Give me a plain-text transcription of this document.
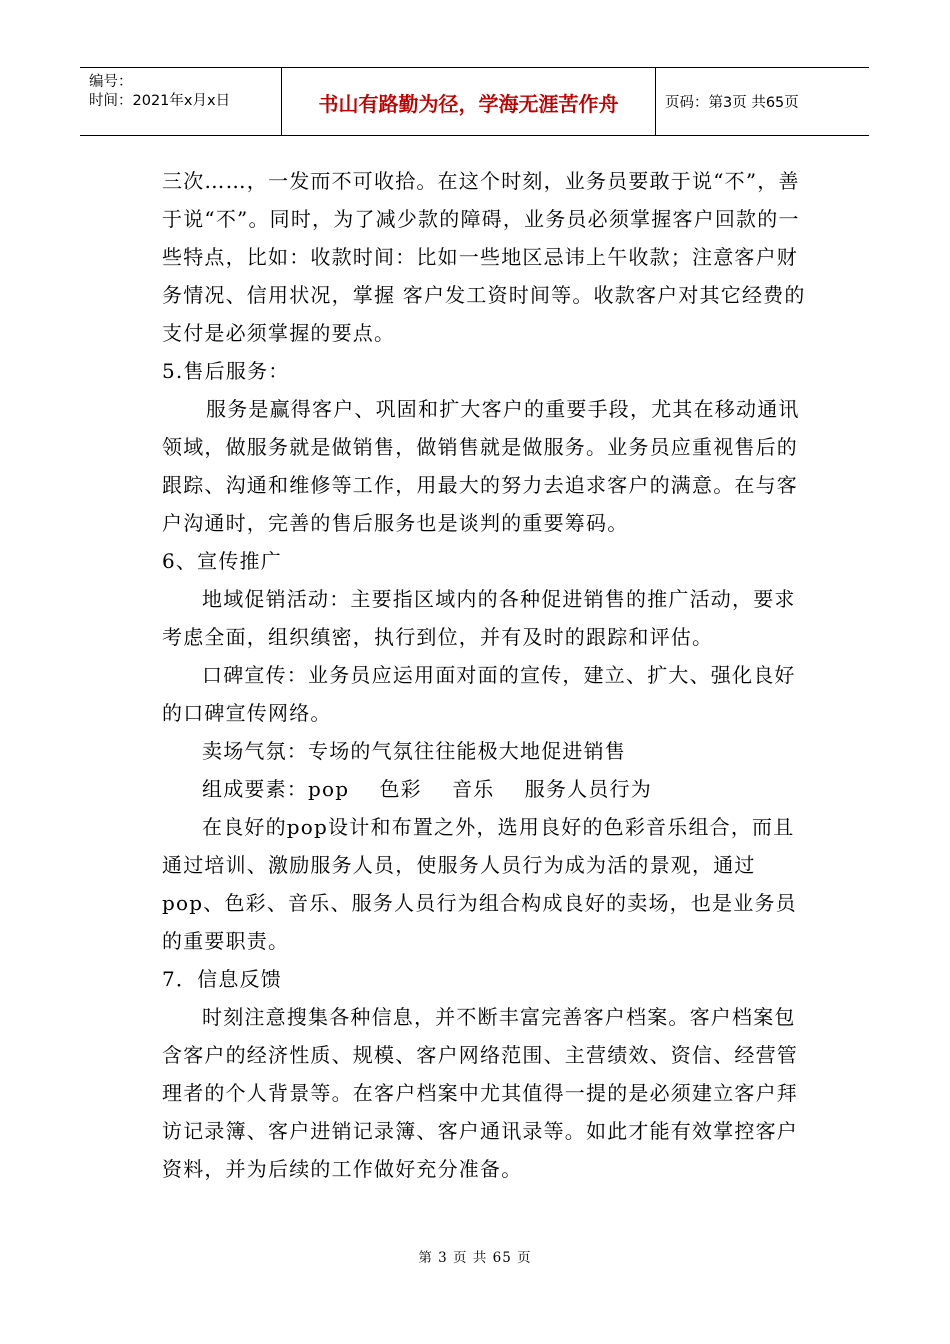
编号：
时间：2021年x月x日	书山有路勤为径，学海无涯苦作舟	页码：第3页 共65页

三次……，一发而不可收拾。在这个时刻，业务员要敢于说“不”，善于说“不”。同时，为了减少款的障碍，业务员必须掌握客户回款的一些特点，比如：收款时间：比如一些地区忌讳上午收款；注意客户财务情况、信用状况，掌握 客户发工资时间等。收款客户对其它经费的支付是必须掌握的要点。

5.售后服务：

服务是赢得客户、巩固和扩大客户的重要手段，尤其在移动通讯领域，做服务就是做销售，做销售就是做服务。业务员应重视售后的跟踪、沟通和维修等工作，用最大的努力去追求客户的满意。在与客户沟通时，完善的售后服务也是谈判的重要筹码。

6、宣传推广

地域促销活动：主要指区域内的各种促进销售的推广活动，要求考虑全面，组织缜密，执行到位，并有及时的跟踪和评估。

口碑宣传：业务员应运用面对面的宣传，建立、扩大、强化良好的口碑宣传网络。

卖场气氛：专场的气氛往往能极大地促进销售

组成要素：pop    色彩    音乐    服务人员行为

在良好的pop设计和布置之外，选用良好的色彩音乐组合，而且通过培训、激励服务人员，使服务人员行为成为活的景观，通过pop、色彩、音乐、服务人员行为组合构成良好的卖场，也是业务员的重要职责。

7．信息反馈

时刻注意搜集各种信息，并不断丰富完善客户档案。客户档案包含客户的经济性质、规模、客户网络范围、主营绩效、资信、经营管理者的个人背景等。在客户档案中尤其值得一提的是必须建立客户拜访记录簿、客户进销记录簿、客户通讯录等。如此才能有效掌控客户资料，并为后续的工作做好充分准备。

第 3 页 共 65 页
